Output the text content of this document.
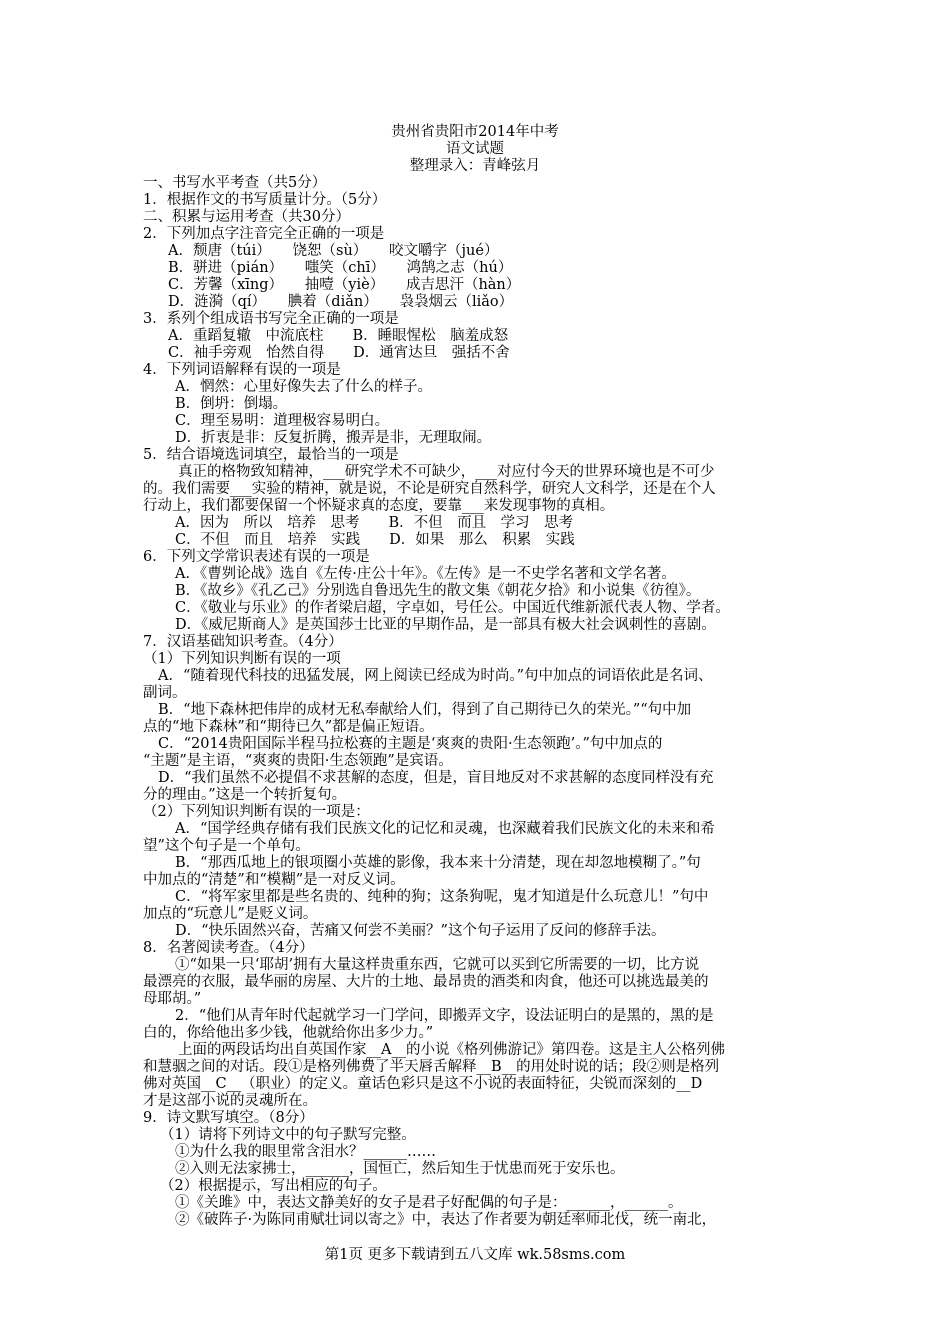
贵州省贵阳市2014年中考
语文试题
整理录入：青峰弦月
一、书写水平考查（共5分）
1．根据作文的书写质量计分。（5分）
二、积累与运用考查（共30分）
2．下列加点字注音完全正确的一项是
A．颓唐（túi）　　饶恕（sù）　　咬文嚼字（jué）
B．骈进（pián）　　嗤笑（chī）　　鸿鹄之志（hú）
C．芳馨（xīng）　　抽噎（yiè）　　成吉思汗（hàn）
D．涟漪（qí）　　腆着（diǎn）　　袅袅烟云（liǎo）
3．系列个组成语书写完全正确的一项是
A．重蹈复辙　中流底柱　　B．睡眼惺松　脑羞成怒
C．袖手旁观　怡然自得　　D．通宵达旦　强括不舍
4．下列词语解释有误的一项是
A．惘然：心里好像失去了什么的样子。
B．倒坍：倒塌。
C．理至易明：道理极容易明白。
D．折衷是非：反复折腾，搬弄是非，无理取闹。
5．结合语境选词填空，最恰当的一项是
真正的格物致知精神，___研究学术不可缺少，___对应付今天的世界环境也是不可少
的。我们需要___实验的精神，就是说，不论是研究自然科学，研究人文科学，还是在个人
行动上，我们都要保留一个怀疑求真的态度，要靠___来发现事物的真相。
A．因为　所以　培养　思考　　B．不但　而且　学习　思考
C．不但　而且　培养　实践　　D．如果　那么　积累　实践
6．下列文学常识表述有误的一项是
A．《曹刿论战》选自《左传·庄公十年》。《左传》是一不史学名著和文学名著。
B．《故乡》《孔乙己》分别选自鲁迅先生的散文集《朝花夕拾》和小说集《彷徨》。
C．《敬业与乐业》的作者梁启超，字卓如，号任公。中国近代维新派代表人物、学者。
D．《威尼斯商人》是英国莎士比亚的早期作品，是一部具有极大社会讽刺性的喜剧。
7．汉语基础知识考查。（4分）
（1）下列知识判断有误的一项
A．“随着现代科技的迅猛发展，网上阅读已经成为时尚。”句中加点的词语依此是名词、
副词。
B．“地下森林把伟岸的成材无私奉献给人们，得到了自己期待已久的荣光。”“句中加
点的“地下森林”和“期待已久”都是偏正短语。
C．“2014贵阳国际半程马拉松赛的主题是‘爽爽的贵阳·生态领跑’。”句中加点的
“主题”是主语，“爽爽的贵阳·生态领跑”是宾语。
D．“我们虽然不必提倡不求甚解的态度，但是，盲目地反对不求甚解的态度同样没有充
分的理由。”这是一个转折复句。
（2）下列知识判断有误的一项是：
A．“国学经典存储有我们民族文化的记忆和灵魂，也深藏着我们民族文化的未来和希
望”这个句子是一个单句。
B．“那西瓜地上的银项圈小英雄的影像，我本来十分清楚，现在却忽地模糊了。”句
中加点的“清楚”和“模糊”是一对反义词。
C．“将军家里都是些名贵的、纯种的狗；这条狗呢，鬼才知道是什么玩意儿！”句中
加点的“玩意儿”是贬义词。
D．“快乐固然兴奋，苦痛又何尝不美丽？”这个句子运用了反问的修辞手法。
8．名著阅读考查。（4分）
①“如果一只‘耶胡’拥有大量这样贵重东西，它就可以买到它所需要的一切，比方说
最漂亮的衣服，最华丽的房屋、大片的土地、最昂贵的酒类和肉食，他还可以挑选最美的
母耶胡。”
2．“他们从青年时代起就学习一门学问，即搬弄文字，设法证明白的是黑的，黑的是
白的，你给他出多少钱，他就给你出多少力。”
上面的两段话均出自英国作家__A__的小说《格列佛游记》第四卷。这是主人公格列佛
和慧骃之间的对话。段①是格列佛费了半天唇舌解释__B__的用处时说的话；段②则是格列
佛对英国__C__（职业）的定义。童话色彩只是这不小说的表面特征，尖锐而深刻的__D
才是这部小说的灵魂所在。
9．诗文默写填空。（8分）
（1）请将下列诗文中的句子默写完整。
①为什么我的眼里常含泪水？______……
②入则无法家拂士，______，国恒亡，然后知生于忧患而死于安乐也。
（2）根据提示，写出相应的句子。
①《关雎》中，表达文静美好的女子是君子好配偶的句子是：______，______。
②《破阵子·为陈同甫赋壮词以寄之》中，表达了作者要为朝廷率师北伐，统一南北，
第1页 更多下载请到五八文库 wk.58sms.com
